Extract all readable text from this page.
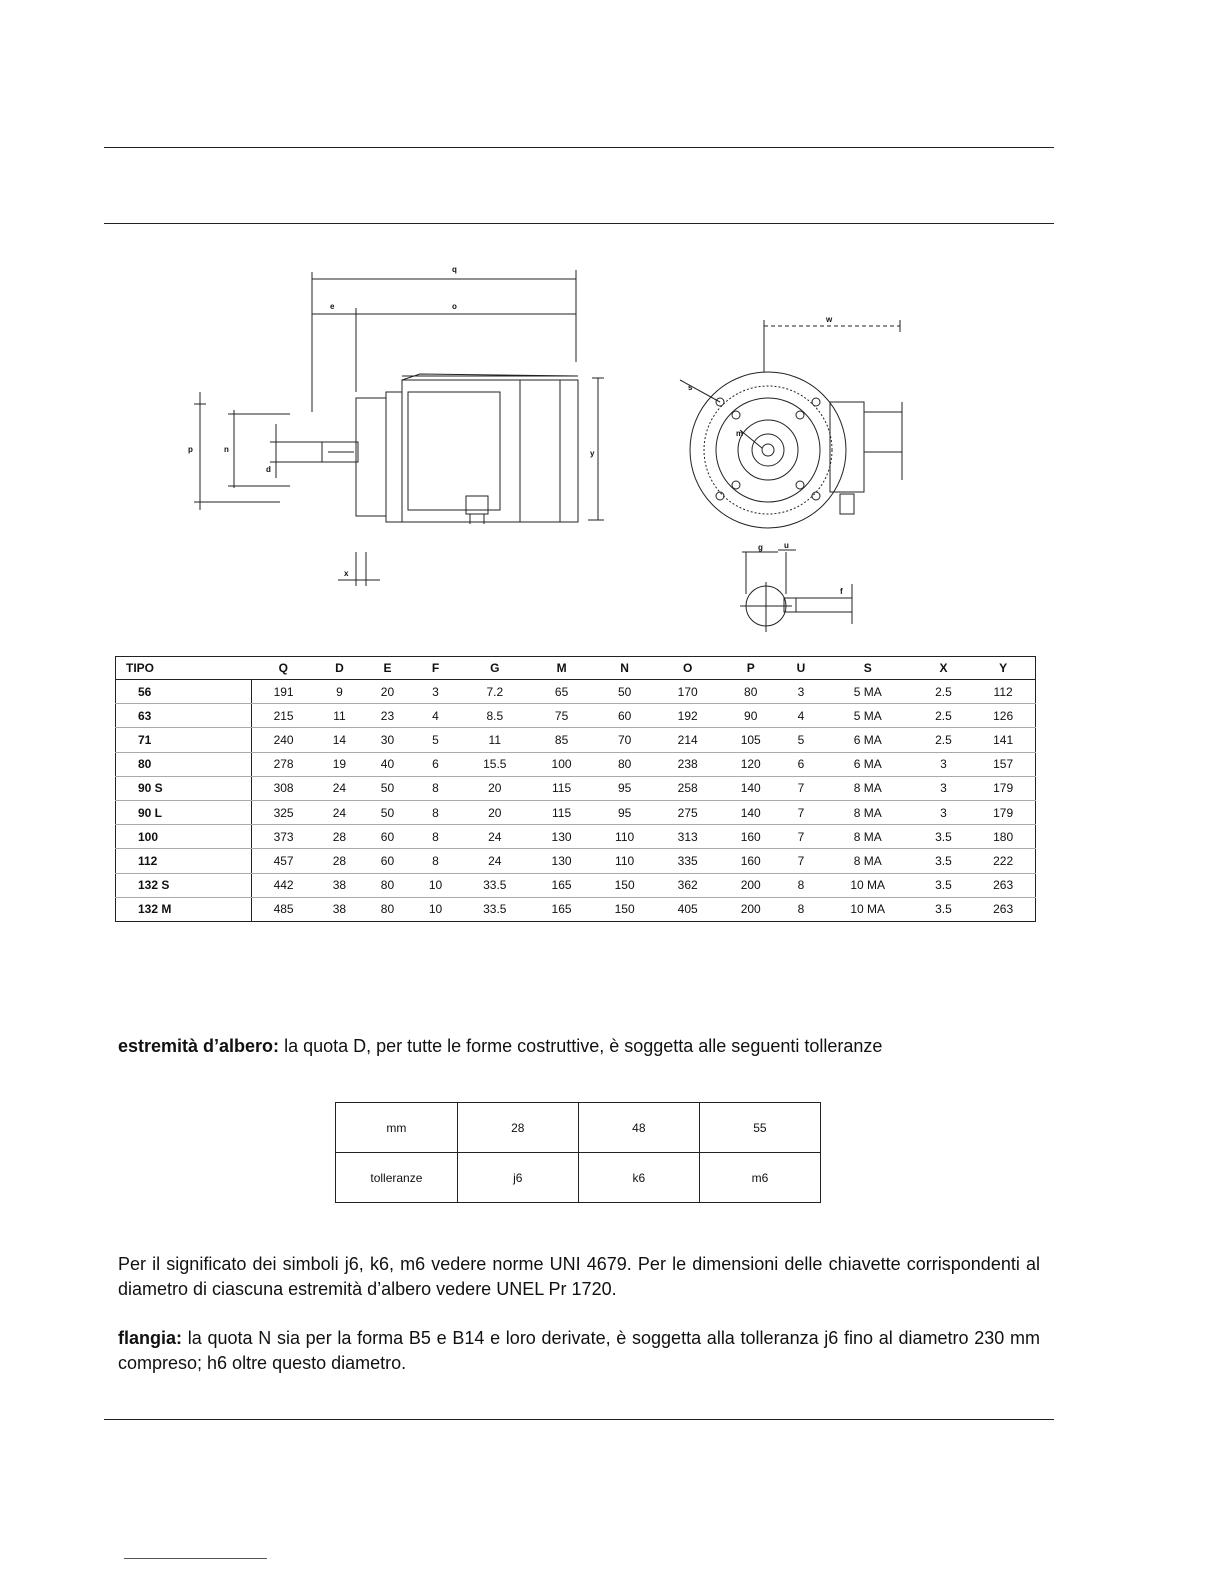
q
e	o
p	n
d
x
y
w
g	u
f
m
s
TIPO	Q	D	E	F	G	M	N	O	P	U	S	X	Y
56	191	9	20	3	7.2	65	50	170	80	3	5 MA	2.5	112
63	215	11	23	4	8.5	75	60	192	90	4	5 MA	2.5	126
71	240	14	30	5	11	85	70	214	105	5	6 MA	2.5	141
80	278	19	40	6	15.5	100	80	238	120	6	6 MA	3	157
90 S	308	24	50	8	20	115	95	258	140	7	8 MA	3	179
90 L	325	24	50	8	20	115	95	275	140	7	8 MA	3	179
100	373	28	60	8	24	130	110	313	160	7	8 MA	3.5	180
112	457	28	60	8	24	130	110	335	160	7	8 MA	3.5	222
132 S	442	38	80	10	33.5	165	150	362	200	8	10 MA	3.5	263
132 M	485	38	80	10	33.5	165	150	405	200	8	10 MA	3.5	263
estremità d’albero: la quota D, per tutte le forme costruttive, è soggetta alle seguenti tolleranze
mm	28	48	55
tolleranze	j6	k6	m6
Per il significato dei simboli j6, k6, m6 vedere norme UNI 4679. Per le dimensioni delle chiavette corrispondenti al diametro di ciascuna estremità d’albero vedere UNEL Pr 1720.
flangia: la quota N sia per la forma B5 e B14 e loro derivate, è soggetta alla tolleranza j6 fino al diametro 230 mm compreso; h6 oltre questo diametro.
